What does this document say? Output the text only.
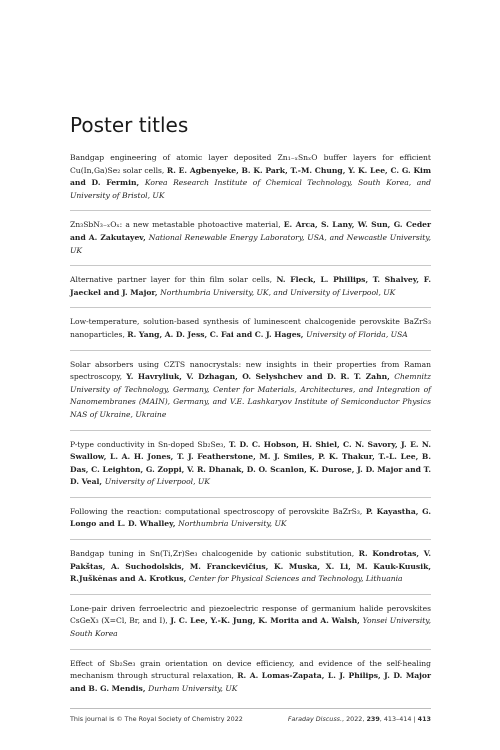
Poster titles

Bandgap engineering of atomic layer deposited Zn₁₋ₓSnₓO buffer layers for efficient Cu(In,Ga)Se₂ solar cells, R. E. Agbenyeke, B. K. Park, T.-M. Chung, Y. K. Lee, C. G. Kim and D. Fermin, Korea Research Institute of Chemical Technology, South Korea, and University of Bristol, UK

Zn₃SbN₃₋ₓOₓ: a new metastable photoactive material, E. Arca, S. Lany, W. Sun, G. Ceder and A. Zakutayev, National Renewable Energy Laboratory, USA, and Newcastle University, UK

Alternative partner layer for thin film solar cells, N. Fleck, L. Phillips, T. Shalvey, F. Jaeckel and J. Major, Northumbria University, UK, and University of Liverpool, UK

Low-temperature, solution-based synthesis of luminescent chalcogenide perovskite BaZrS₃ nanoparticles, R. Yang, A. D. Jess, C. Fai and C. J. Hages, University of Florida, USA

Solar absorbers using CZTS nanocrystals: new insights in their properties from Raman spectroscopy, Y. Havryliuk, V. Dzhagan, O. Selyshchev and D. R. T. Zahn, Chemnitz University of Technology, Germany, Center for Materials, Architectures, and Integration of Nanomembranes (MAIN), Germany, and V.E. Lashkaryov Institute of Semiconductor Physics NAS of Ukraine, Ukraine

P-type conductivity in Sn-doped Sb₂Se₃, T. D. C. Hobson, H. Shiel, C. N. Savory, J. E. N. Swallow, L. A. H. Jones, T. J. Featherstone, M. J. Smiles, P. K. Thakur, T.-L. Lee, B. Das, C. Leighton, G. Zoppi, V. R. Dhanak, D. O. Scanlon, K. Durose, J. D. Major and T. D. Veal, University of Liverpool, UK

Following the reaction: computational spectroscopy of perovskite BaZrS₃, P. Kayastha, G. Longo and L. D. Whalley, Northumbria University, UK

Bandgap tuning in Sn(Ti,Zr)Se₃ chalcogenide by cationic substitution, R. Kondrotas, V. Pakštas, A. Suchodolskis, M. Franckevičius, K. Muska, X. Li, M. Kauk-Kuusik, R.Juškėnas and A. Krotkus, Center for Physical Sciences and Technology, Lithuania

Lone-pair driven ferroelectric and piezoelectric response of germanium halide perovskites CsGeX₃ (X=Cl, Br, and I), J. C. Lee, Y.-K. Jung, K. Morita and A. Walsh, Yonsei University, South Korea

Effect of Sb₂Se₃ grain orientation on device efficiency, and evidence of the self-healing mechanism through structural relaxation, R. A. Lomas-Zapata, L. J. Philips, J. D. Major and B. G. Mendis, Durham University, UK

This journal is © The Royal Society of Chemistry 2022	Faraday Discuss., 2022, 239, 413–414 | 413
